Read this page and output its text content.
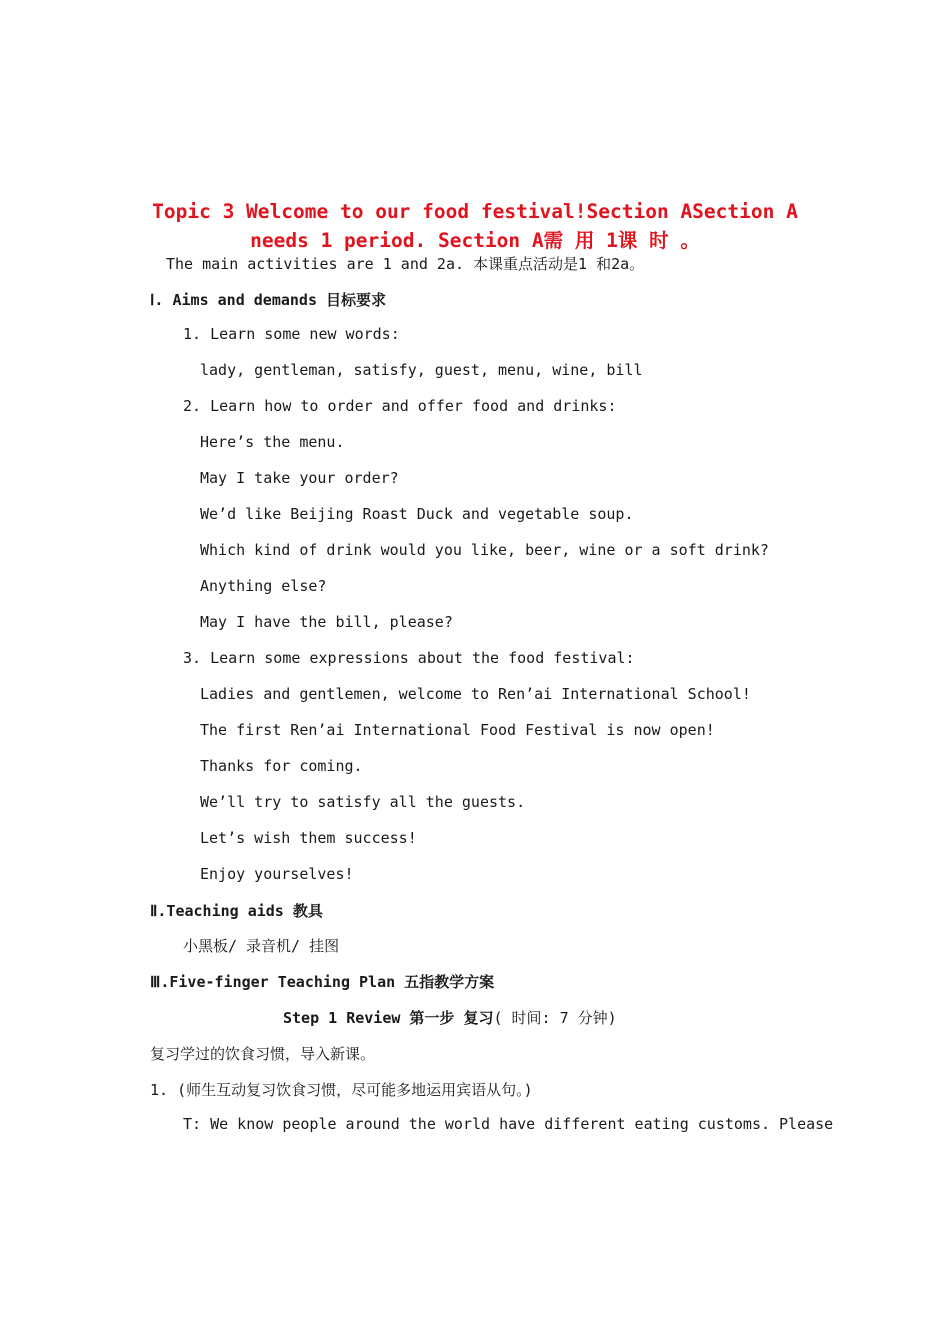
Topic 3 Welcome to our food festival!Section ASection A
needs 1 period. Section A需 用 1课 时 。
The main activities are 1 and 2a. 本课重点活动是1 和2a。
Ⅰ. Aims and demands 目标要求
1. Learn some new words:
lady, gentleman, satisfy, guest, menu, wine, bill
2. Learn how to order and offer food and drinks:
Here’s the menu.
May I take your order?
We’d like Beijing Roast Duck and vegetable soup.
Which kind of drink would you like, beer, wine or a soft drink?
Anything else?
May I have the bill, please?
3. Learn some expressions about the food festival:
Ladies and gentlemen, welcome to Ren’ai International School!
The first Ren’ai International Food Festival is now open!
Thanks for coming.
We’ll try to satisfy all the guests.
Let’s wish them success!
Enjoy yourselves!
Ⅱ.Teaching aids 教具
小黑板/ 录音机/ 挂图
Ⅲ.Five-finger Teaching Plan 五指教学方案
Step 1 Review 第一步 复习( 时间: 7 分钟)
复习学过的饮食习惯，导入新课。
1. (师生互动复习饮食习惯，尽可能多地运用宾语从句。)
T: We know people around the world have different eating customs. Please
